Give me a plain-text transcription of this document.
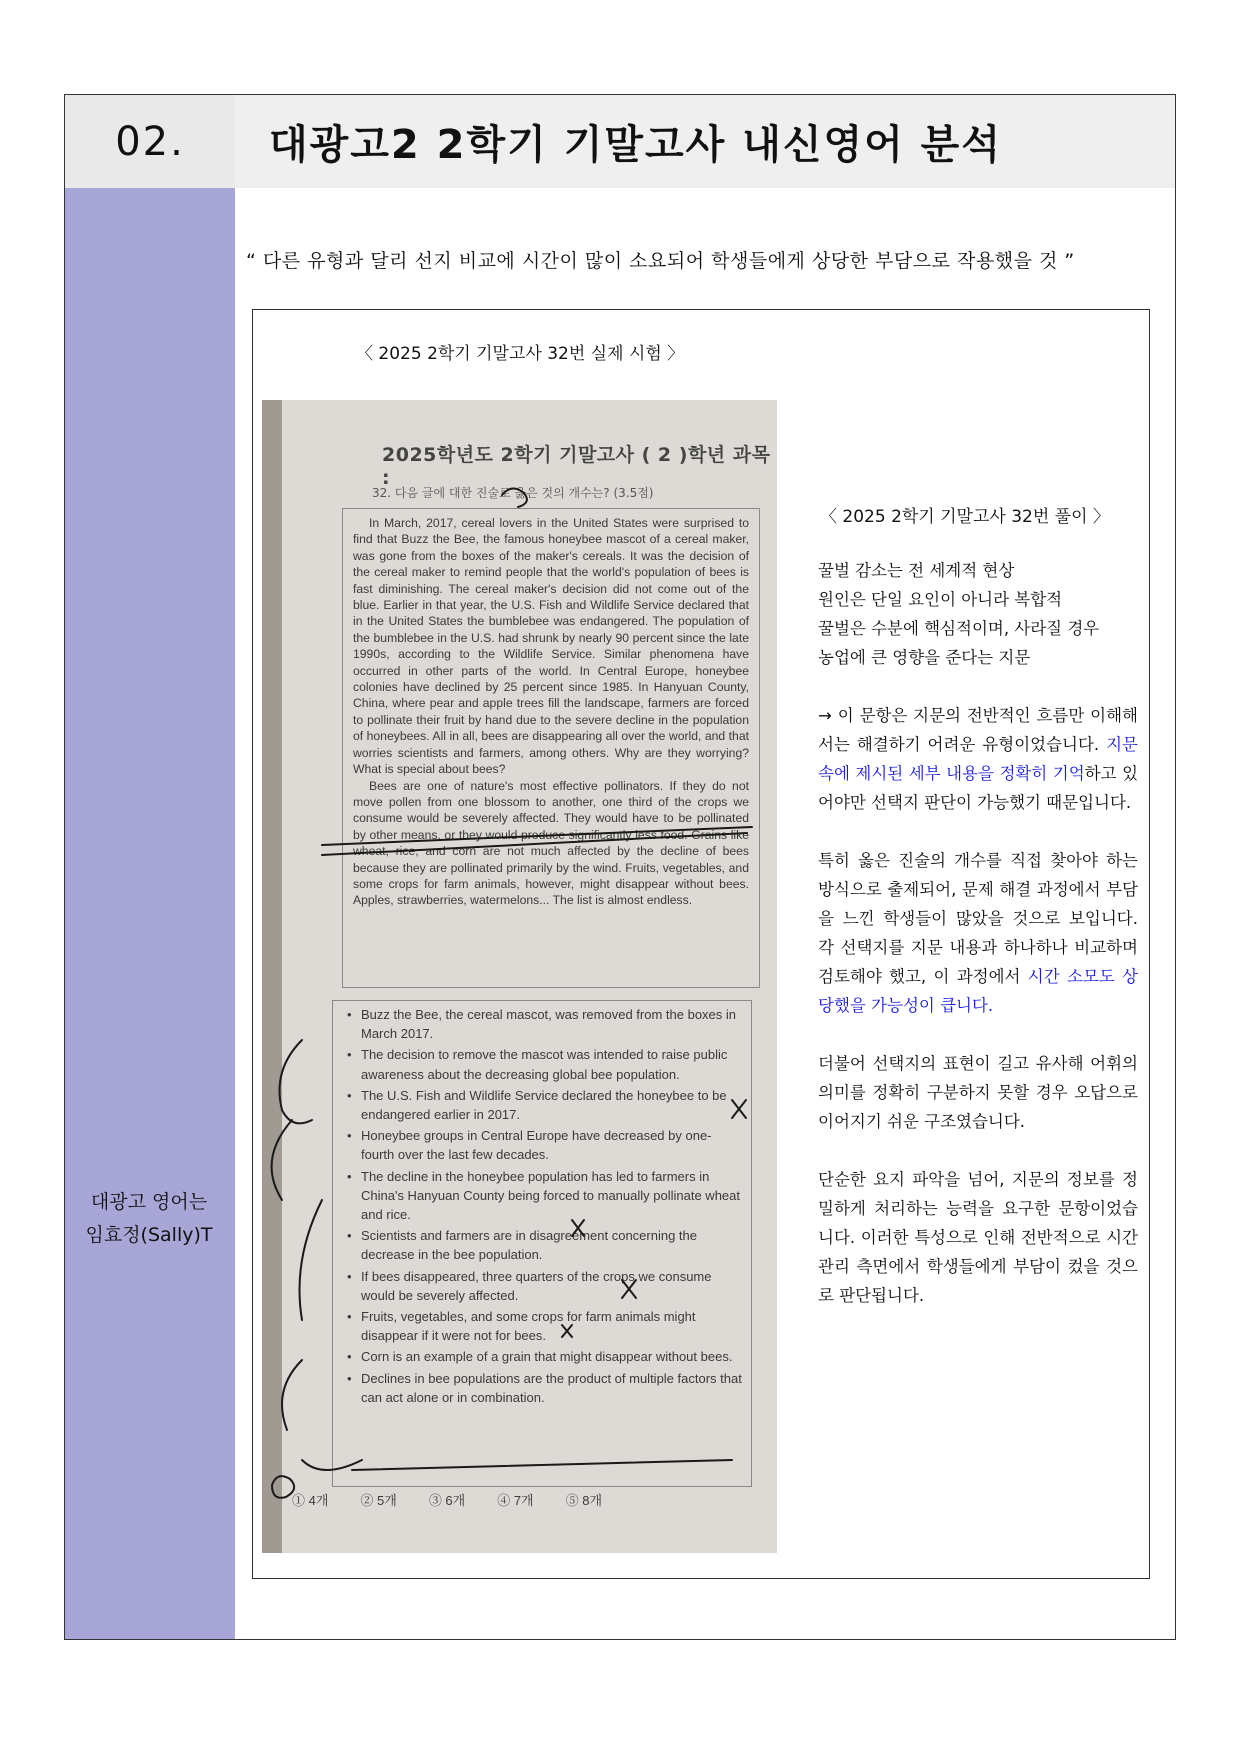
02.	대광고2 2학기 기말고사 내신영어 분석
대광고 영어는
임효정(Sally)T
“ 다른 유형과 달리 선지 비교에 시간이 많이 소요되어 학생들에게 상당한 부담으로 작용했을 것 ”
〈 2025 2학기 기말고사 32번 실제 시험 〉
2025학년도 2학기 기말고사 ( 2 )학년 과목 :
32. 다음 글에 대한 진술로 옳은 것의 개수는? (3.5점)

In March, 2017, cereal lovers in the United States were surprised to find that Buzz the Bee, the famous honeybee mascot of a cereal maker, was gone from the boxes of the maker's cereals. It was the decision of the cereal maker to remind people that the world's population of bees is fast diminishing. The cereal maker's decision did not come out of the blue. Earlier in that year, the U.S. Fish and Wildlife Service declared that in the United States the bumblebee was endangered. The population of the bumblebee in the U.S. had shrunk by nearly 90 percent since the late 1990s, according to the Wildlife Service. Similar phenomena have occurred in other parts of the world. In Central Europe, honeybee colonies have declined by 25 percent since 1985. In Hanyuan County, China, where pear and apple trees fill the landscape, farmers are forced to pollinate their fruit by hand due to the severe decline in the population of honeybees. All in all, bees are disappearing all over the world, and that worries scientists and farmers, among others. Why are they worrying? What is special about bees?

Bees are one of nature's most effective pollinators. If they do not move pollen from one blossom to another, one third of the crops we consume would be severely affected. They would have to be pollinated by other means, or they would produce significantly less food. Grains like wheat, rice, and corn are not much affected by the decline of bees because they are pollinated primarily by the wind. Fruits, vegetables, and some crops for farm animals, however, might disappear without bees. Apples, strawberries, watermelons... The list is almost endless.

• Buzz the Bee, the cereal mascot, was removed from the boxes in March 2017.
• The decision to remove the mascot was intended to raise public awareness about the decreasing global bee population.
• The U.S. Fish and Wildlife Service declared the honeybee to be endangered earlier in 2017.
• Honeybee groups in Central Europe have decreased by one-fourth over the last few decades.
• The decline in the honeybee population has led to farmers in China's Hanyuan County being forced to manually pollinate wheat and rice.
• Scientists and farmers are in disagreement concerning the decrease in the bee population.
• If bees disappeared, three quarters of the crops we consume would be severely affected.
• Fruits, vegetables, and some crops for farm animals might disappear if it were not for bees.
• Corn is an example of a grain that might disappear without bees.
• Declines in bee populations are the product of multiple factors that can act alone or in combination.
① 4개 ② 5개 ③ 6개 ④ 7개 ⑤ 8개
〈 2025 2학기 기말고사 32번 풀이 〉

꿀벌 감소는 전 세계적 현상
원인은 단일 요인이 아니라 복합적
꿀벌은 수분에 핵심적이며, 사라질 경우
농업에 큰 영향을 준다는 지문

→ 이 문항은 지문의 전반적인 흐름만 이해해서는 해결하기 어려운 유형이었습니다. 지문 속에 제시된 세부 내용을 정확히 기억하고 있어야만 선택지 판단이 가능했기 때문입니다.

특히 옳은 진술의 개수를 직접 찾아야 하는 방식으로 출제되어, 문제 해결 과정에서 부담을 느낀 학생들이 많았을 것으로 보입니다. 각 선택지를 지문 내용과 하나하나 비교하며 검토해야 했고, 이 과정에서 시간 소모도 상당했을 가능성이 큽니다.

더불어 선택지의 표현이 길고 유사해 어휘의 의미를 정확히 구분하지 못할 경우 오답으로 이어지기 쉬운 구조였습니다.

단순한 요지 파악을 넘어, 지문의 정보를 정밀하게 처리하는 능력을 요구한 문항이었습니다. 이러한 특성으로 인해 전반적으로 시간 관리 측면에서 학생들에게 부담이 컸을 것으로 판단됩니다.
